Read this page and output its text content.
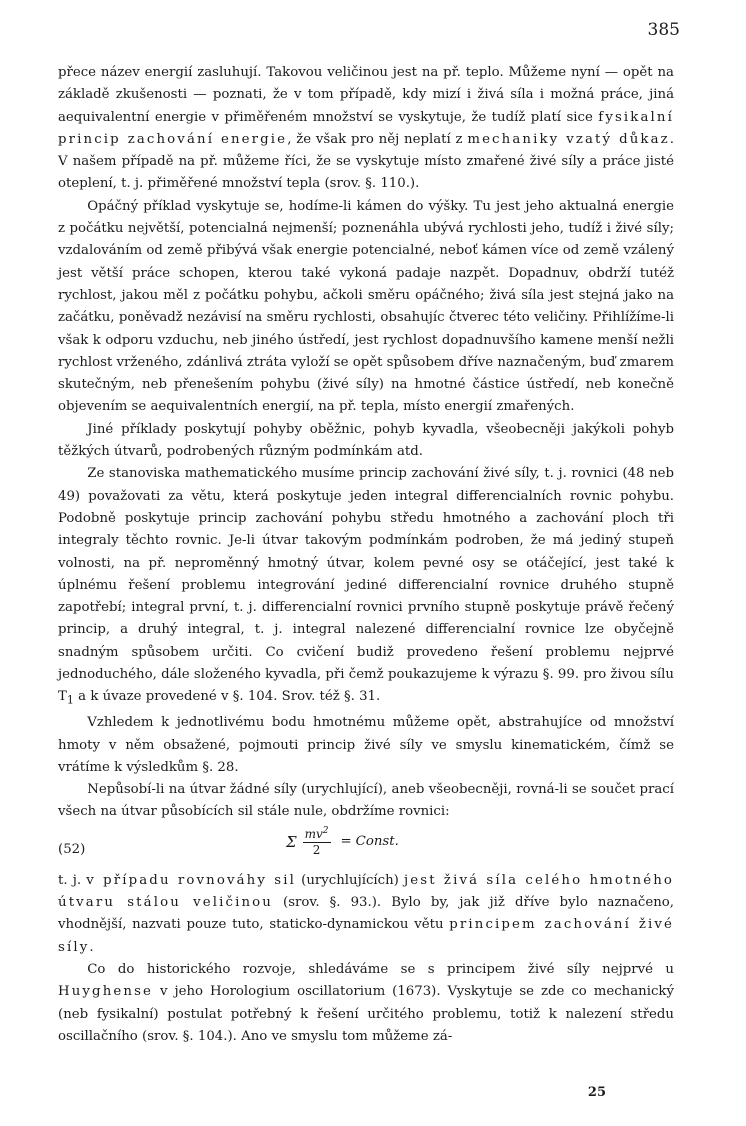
385

přece název energií zasluhují. Takovou veličinou jest na př. teplo. Můžeme nyní — opět na základě zkušenosti — poznati, že v tom případě, kdy mizí i živá síla i možná práce, jiná aequivalentní energie v přiměřeném množství se vyskytuje, že tudíž platí sice fysikalní princip zachování energie, že však pro něj neplatí z mechaniky vzatý důkaz. V našem případě na př. můžeme říci, že se vyskytuje místo zmařené živé síly a práce jisté oteplení, t. j. přiměřené množství tepla (srov. §. 110.).

Opáčný příklad vyskytuje se, hodíme-li kámen do výšky. Tu jest jeho aktualná energie z počátku největší, potencialná nejmenší; poznenáhla ubývá rychlosti jeho, tudíž i živé síly; vzdalováním od země přibývá však energie potencialné, neboť kámen více od země vzálený jest větší práce schopen, kterou také vykoná padaje nazpět. Dopadnuv, obdrží tutéž rychlost, jakou měl z počátku pohybu, ačkoli směru opáčného; živá síla jest stejná jako na začátku, poněvadž nezávisí na směru rychlosti, obsahujíc čtverec této veličiny. Přihlížíme-li však k odporu vzduchu, neb jiného ústředí, jest rychlost dopadnuvšího kamene menší nežli rychlost vrženého, zdánlivá ztráta vyloží se opět spůsobem dříve naznačeným, buď zmarem skutečným, neb přenešením pohybu (živé síly) na hmotné částice ústředí, neb konečně objevením se aequivalentních energií, na př. tepla, místo energií zmařených.

Jiné příklady poskytují pohyby oběžnic, pohyb kyvadla, všeobecněji jakýkoli pohyb těžkých útvarů, podrobených různým podmínkám atd.

Ze stanoviska mathematického musíme princip zachování živé síly, t. j. rovnici (48 neb 49) považovati za větu, která poskytuje jeden integral differencialních rovnic pohybu. Podobně poskytuje princip zachování pohybu středu hmotného a zachování ploch tři integraly těchto rovnic. Je-li útvar takovým podmínkám podroben, že má jediný stupeň volnosti, na př. neproměnný hmotný útvar, kolem pevné osy se otáčející, jest také k úplnému řešení problemu integrování jediné differencialní rovnice druhého stupně zapotřebí; integral první, t. j. differencialní rovnici prvního stupně poskytuje právě řečený princip, a druhý integral, t. j. integral nalezené differencialní rovnice lze obyčejně snadným spůsobem určiti. Co cvičení budiž provedeno řešení problemu nejprvé jednoduchého, dále složeného kyvadla, při čemž poukazujeme k výrazu §. 99. pro živou sílu $T_1$ a k úvaze provedené v §. 104. Srov. též §. 31.

Vzhledem k jednotlivému bodu hmotnému můžeme opět, abstrahujíce od množství hmoty v něm obsažené, pojmouti princip živé síly ve smyslu kinematickém, čímž se vrátíme k výsledkům §. 28.

Nepůsobí-li na útvar žádné síly (urychlující), aneb všeobecněji, rovná-li se součet prací všech na útvar působících sil stále nule, obdržíme rovnici:

(52)	Σ $\frac{mv^2}{2}$ = Const.

t. j. v případu rovnováhy sil (urychlujících) jest živá síla celého hmotného útvaru stálou veličinou (srov. §. 93.). Bylo by, jak již dříve bylo naznačeno, vhodnější, nazvati pouze tuto, staticko-dynamickou větu principem zachování živé síly.

Co do historického rozvoje, shledáváme se s principem živé síly nejprvé u Huyghense v jeho Horologium oscillatorium (1673). Vyskytuje se zde co mechanický (neb fysikalní) postulat potřebný k řešení určitého problemu, totiž k nalezení středu oscillačního (srov. §. 104.). Ano ve smyslu tom můžeme zá-

25
